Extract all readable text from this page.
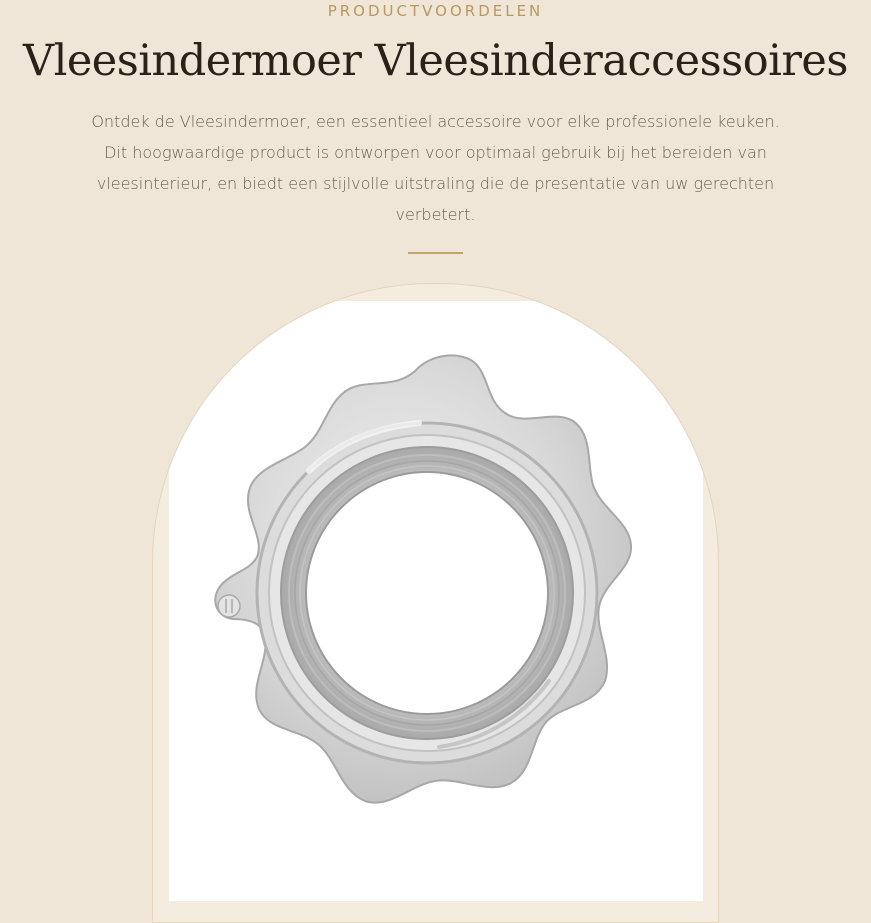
PRODUCTVOORDELEN
Vleesindermoer Vleesinderaccessoires

Ontdek de Vleesindermoer, een essentieel accessoire voor elke professionele keuken. Dit hoogwaardige product is ontworpen voor optimaal gebruik bij het bereiden van vleesinterieur, en biedt een stijlvolle uitstraling die de presentatie van uw gerechten verbetert.
